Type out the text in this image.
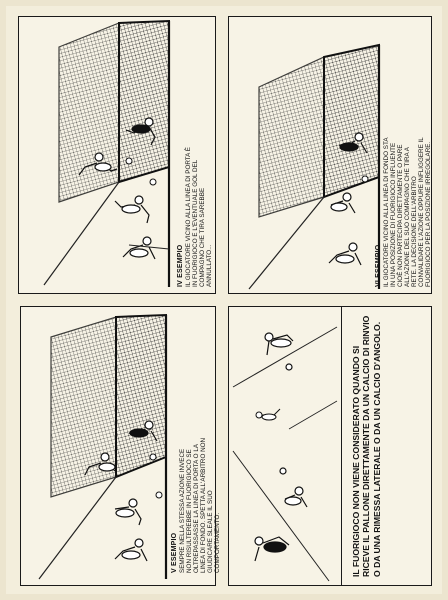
IV ESEMPIO IL GIOCATORE VICINO ALLA LINEA DI PORTA È IN FUORIGIOCO E L'EVENTUALE GOL DEL COMPAGNO CHE TIRA SAREBBE ANNULLATO...
V ESEMPIO SEMPRE NELLA STESSA AZIONE INVECE NON RISULTEREBBE IN FUORIGIOCO SE OLTREPASSASSE LA LINEA DI PORTA O LA LINEA DI FONDO. SPETTA ALL'ARBITRO NON GIUDICARE SLEALE IL SUO COMPORTAMENTO.
VI ESEMPIO IL GIOCATORE VICINO ALLA LINEA DI FONDO STA IN UNA POSIZIONE DI FUORIGIOCO INFLUENTE CIOÈ NON PARTECIPA DIRETTAMENTE O PARE ALL'AZIONE DEL SUO COMPAGNO CHE TIRA A RETE. LA DECISIONE DELL'ARBITRO CONVALIDARE L'AZIONE OPPURE INFLIGGERE IL FUORIGIOCO PER LA POSIZIONE IRREGOLARE.
IL FUORIGIOCO NON VIENE CONSIDERATO QUANDO SI RICEVE IL PALLONE DIRETTAMENTE DA UN CALCIO DI RINVIO O DA UNA RIMESSA LATERALE O DA UN CALCIO D'ANGOLO.
